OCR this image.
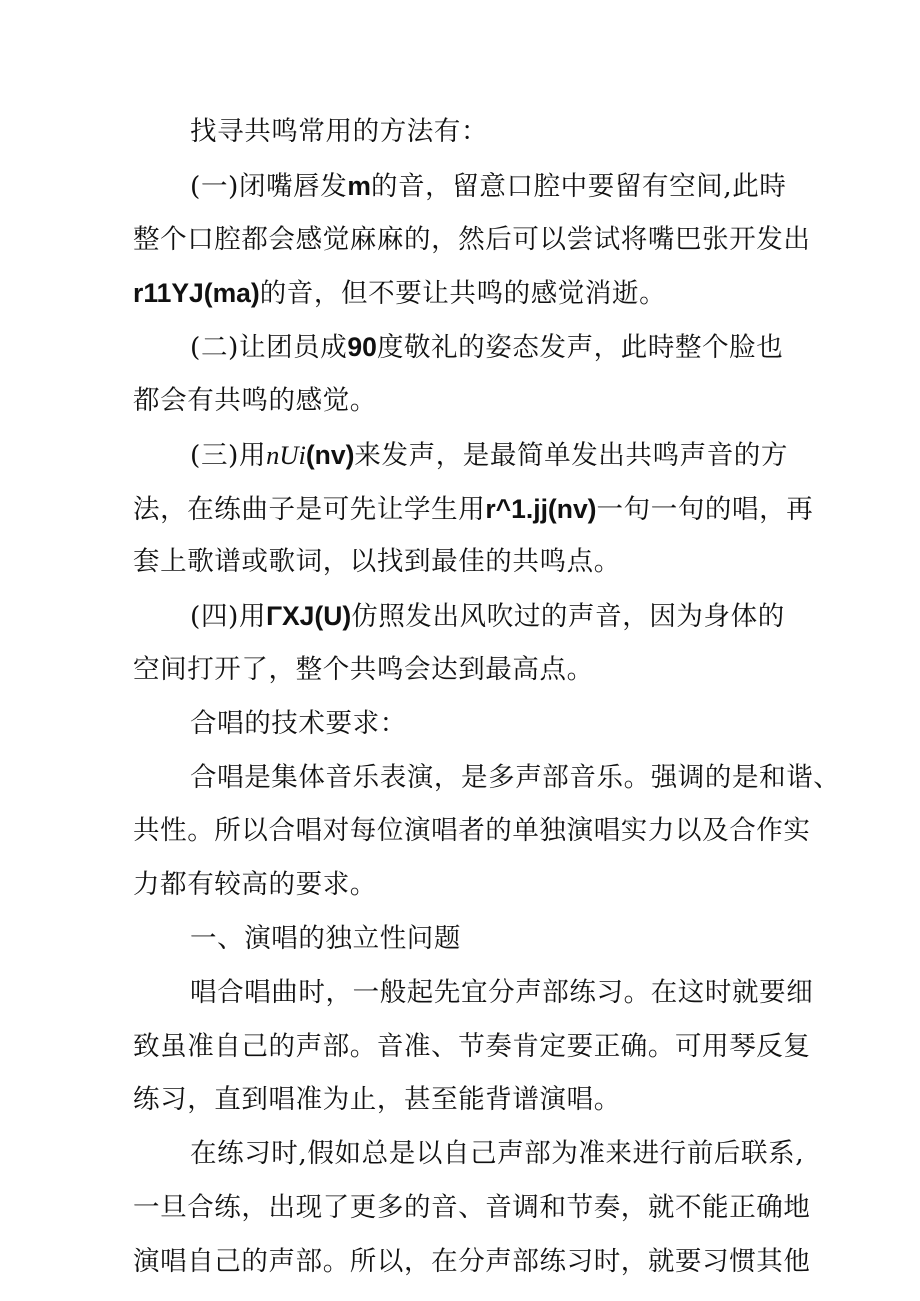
找寻共鸣常用的方法有：
(一)闭嘴唇发m的音，留意口腔中要留有空间,此時
整个口腔都会感觉麻麻的，然后可以尝试将嘴巴张开发出
r11YJ(ma)的音，但不要让共鸣的感觉消逝。
(二)让团员成90度敬礼的姿态发声，此時整个脸也
都会有共鸣的感觉。
(三)用nUi(nv)来发声，是最简单发出共鸣声音的方
法，在练曲子是可先让学生用r^1.jj(nv)一句一句的唱，再
套上歌谱或歌词，以找到最佳的共鸣点。
(四)用ΓXJ(U)仿照发出风吹过的声音，因为身体的
空间打开了，整个共鸣会达到最高点。
合唱的技术要求：
合唱是集体音乐表演，是多声部音乐。强调的是和谐、
共性。所以合唱对每位演唱者的单独演唱实力以及合作实
力都有较高的要求。
一、演唱的独立性问题
唱合唱曲时，一般起先宜分声部练习。在这时就要细
致虽准自己的声部。音准、节奏肯定要正确。可用琴反复
练习，直到唱准为止，甚至能背谱演唱。
在练习时,假如总是以自己声部为准来进行前后联系,
一旦合练，出现了更多的音、音调和节奏，就不能正确地
演唱自己的声部。所以，在分声部练习时，就要习惯其他
